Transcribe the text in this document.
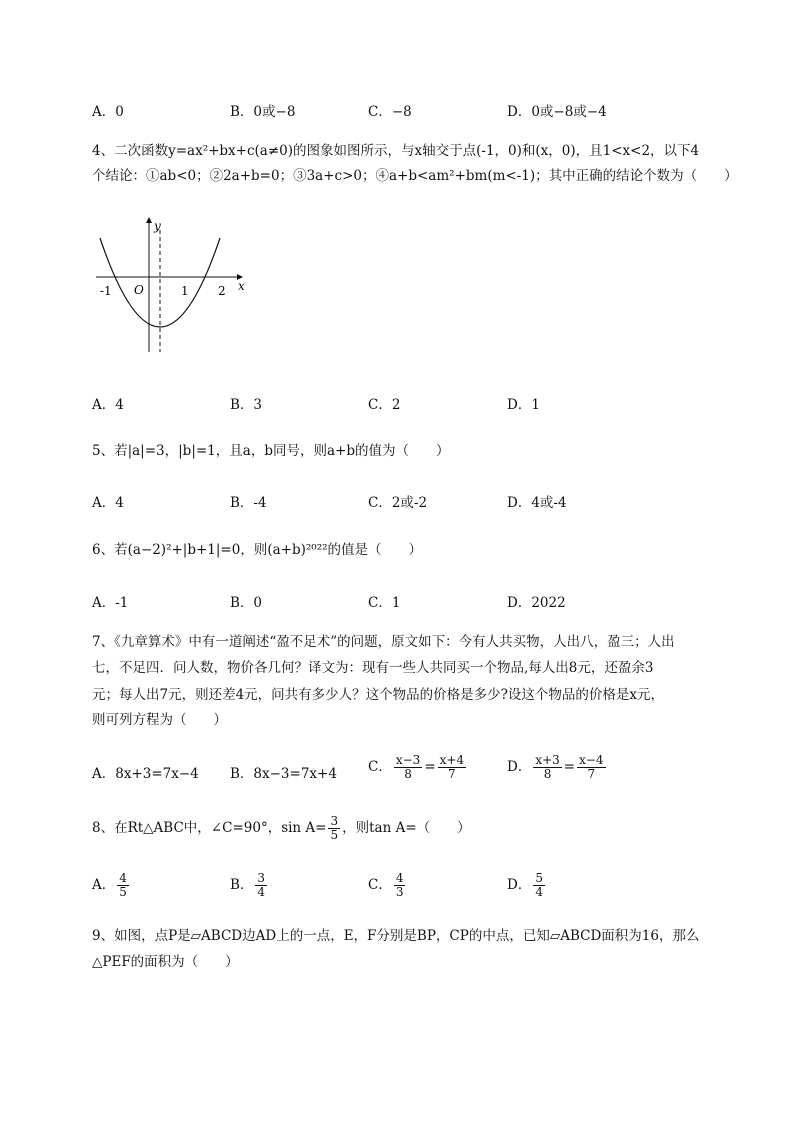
A．0	B．0或−8	C．−8	D．0或−8或−4
4、二次函数y=ax²+bx+c(a≠0)的图象如图所示，与x轴交于点(-1，0)和(x，0)，且1<x<2，以下4
个结论：①ab<0；②2a+b=0；③3a+c>0；④a+b<am²+bm(m<-1)；其中正确的结论个数为（　　）
y
x
O
-1	1 2
A．4	B．3	C．2	D．1
5、若|a|=3，|b|=1，且a，b同号，则a+b的值为（　　）
A．4	B．-4	C．2或-2	D．4或-4
6、若(a−2)²+|b+1|=0，则(a+b)²⁰²²的值是（　　）
A．-1	B．0	C．1	D．2022
7、《九章算术》中有一道阐述“盈不足术”的问题，原文如下：今有人共买物，人出八，盈三；人出
七，不足四．问人数，物价各几何？译文为：现有一些人共同买一个物品,每人出8元，还盈余3
元；每人出7元，则还差4元，问共有多少人？这个物品的价格是多少?设这个物品的价格是x元，
则可列方程为（　　）
A．8x+3=7x−4 B．8x−3=7x+4 C． $\frac{x-3}{8} = \frac{x+4}{7}$	D． $\frac{x+3}{8} = \frac{x-4}{7}$
8、在Rt△ABC中，∠C=90°，$\sin A= \frac{3}{5}$ ，则tan A=（　　）
A． $\frac{4}{5}$	B． $\frac{3}{4}$	C． $\frac{4}{3}$	D． $\frac{5}{4}$
9、如图，点P是▱ABCD边AD上的一点，E，F分别是BP，CP的中点，已知▱ABCD面积为16，那么
△PEF的面积为（　　）
